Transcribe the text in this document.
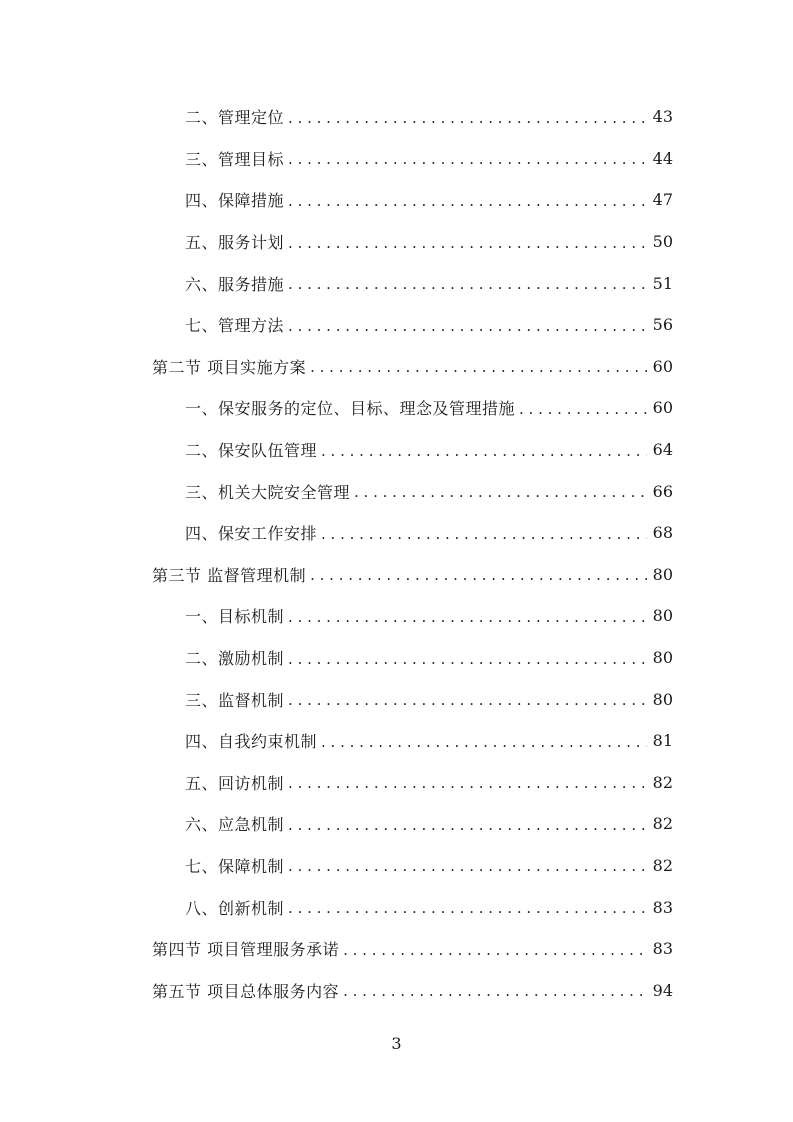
二、管理定位 . . .	43
三、管理目标 . . .	44
四、保障措施 . . .	47
五、服务计划 . . .	50
六、服务措施 . . .	51
七、管理方法 . . .	56
第二节 项目实施方案 . . .	60
一、保安服务的定位、目标、理念及管理措施 . . .	60
二、保安队伍管理 . . .	64
三、机关大院安全管理 . . .	66
四、保安工作安排 . . .	68
第三节 监督管理机制 . . .	80
一、目标机制 . . .	80
二、激励机制 . . .	80
三、监督机制 . . .	80
四、自我约束机制 . . .	81
五、回访机制 . . .	82
六、应急机制 . . .	82
七、保障机制 . . .	82
八、创新机制 . . .	83
第四节 项目管理服务承诺 . . .	83
第五节 项目总体服务内容 . . .	94
3
